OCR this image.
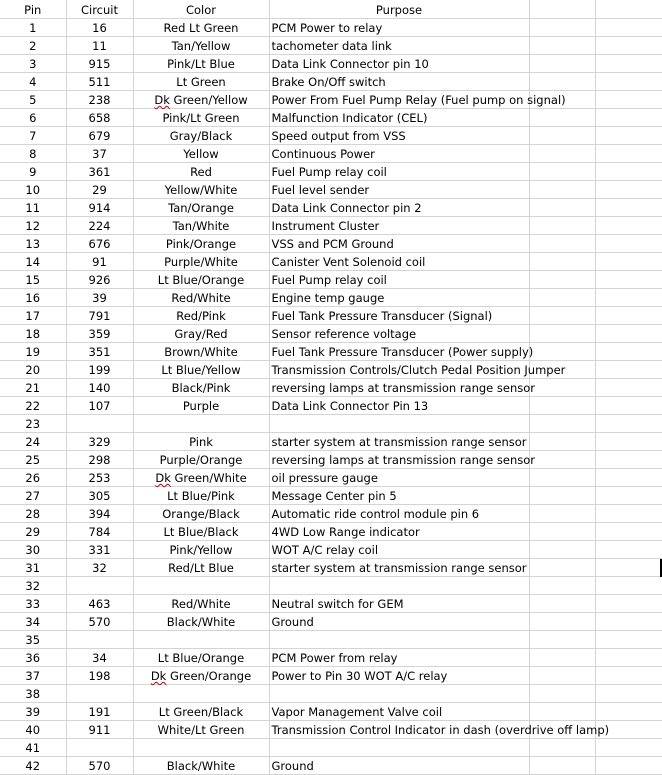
Pin	Circuit	Color	Purpose		
1	16	Red Lt Green	PCM Power to relay		
2	11	Tan/Yellow	tachometer data link		
3	915	Pink/Lt Blue	Data Link Connector pin 10		
4	511	Lt Green	Brake On/Off switch		
5	238	Dk Green/Yellow	Power From Fuel Pump Relay (Fuel pump on signal)		
6	658	Pink/Lt Green	Malfunction Indicator (CEL)		
7	679	Gray/Black	Speed output from VSS		
8	37	Yellow	Continuous Power		
9	361	Red	Fuel Pump relay coil		
10	29	Yellow/White	Fuel level sender		
11	914	Tan/Orange	Data Link Connector pin 2		
12	224	Tan/White	Instrument Cluster		
13	676	Pink/Orange	VSS and PCM Ground		
14	91	Purple/White	Canister Vent Solenoid coil		
15	926	Lt Blue/Orange	Fuel Pump relay coil		
16	39	Red/White	Engine temp gauge		
17	791	Red/Pink	Fuel Tank Pressure Transducer (Signal)		
18	359	Gray/Red	Sensor reference voltage		
19	351	Brown/White	Fuel Tank Pressure Transducer (Power supply)		
20	199	Lt Blue/Yellow	Transmission Controls/Clutch Pedal Position Jumper		
21	140	Black/Pink	reversing lamps at transmission range sensor		
22	107	Purple	Data Link Connector Pin 13		
23					
24	329	Pink	starter system at transmission range sensor		
25	298	Purple/Orange	reversing lamps at transmission range sensor		
26	253	Dk Green/White	oil pressure gauge		
27	305	Lt Blue/Pink	Message Center pin 5		
28	394	Orange/Black	Automatic ride control module pin 6		
29	784	Lt Blue/Black	4WD Low Range indicator		
30	331	Pink/Yellow	WOT A/C relay coil		
31	32	Red/Lt Blue	starter system at transmission range sensor		
32					
33	463	Red/White	Neutral switch for GEM		
34	570	Black/White	Ground		
35					
36	34	Lt Blue/Orange	PCM Power from relay		
37	198	Dk Green/Orange	Power to Pin 30 WOT A/C relay		
38					
39	191	Lt Green/Black	Vapor Management Valve coil		
40	911	White/Lt Green	Transmission Control Indicator in dash (overdrive off lamp)		
41					
42	570	Black/White	Ground		
